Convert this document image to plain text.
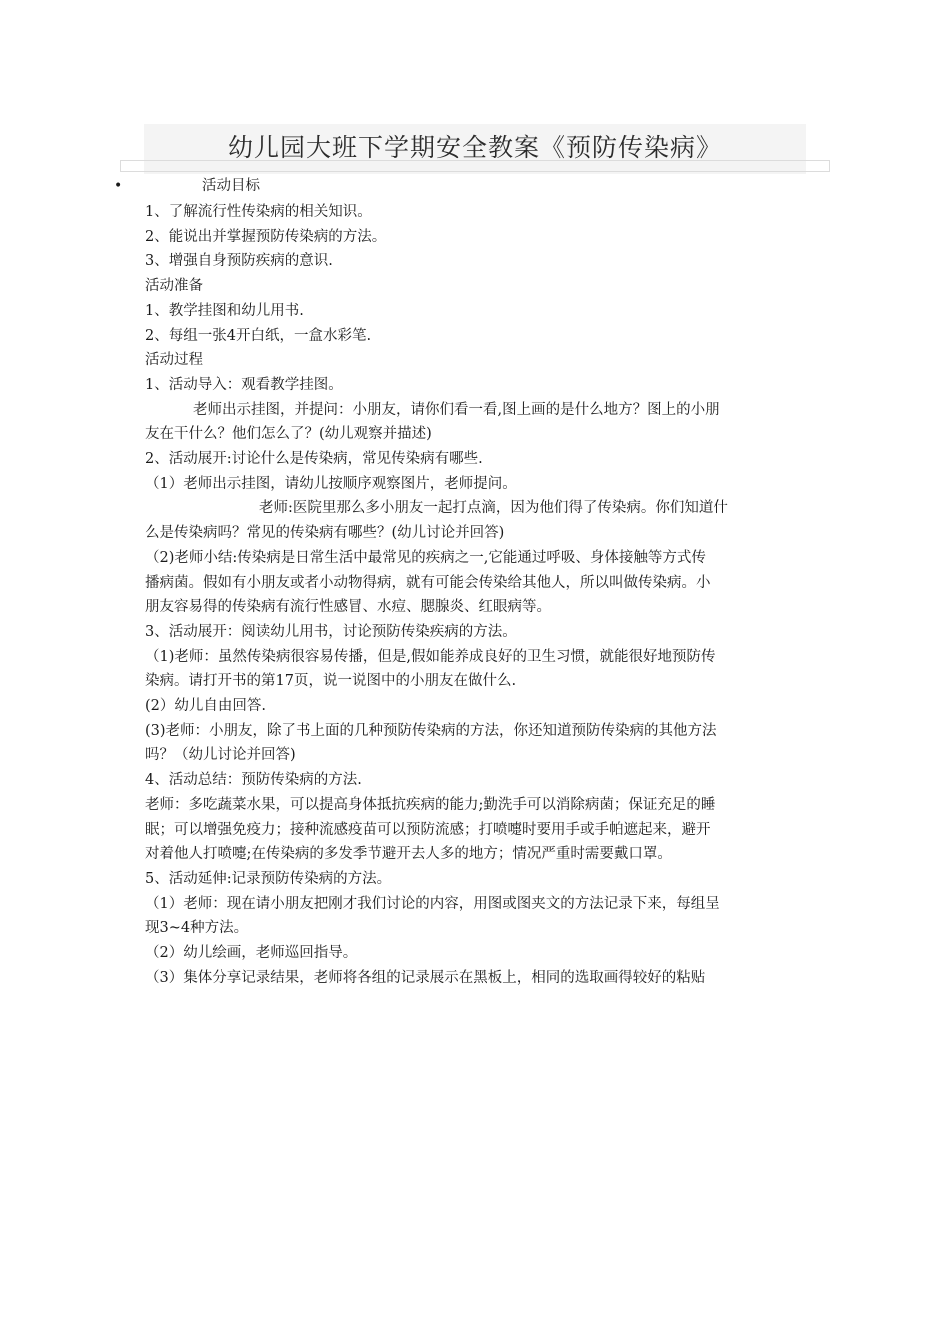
幼儿园大班下学期安全教案《预防传染病》
•	活动目标
1、了解流行性传染病的相关知识。
2、能说出并掌握预防传染病的方法。
3、增强自身预防疾病的意识.
活动准备
1、教学挂图和幼儿用书.
2、每组一张4开白纸，一盒水彩笔.
活动过程
1、活动导入：观看教学挂图。
老师出示挂图，并提问：小朋友，请你们看一看,图上画的是什么地方？图上的小朋
友在干什么？他们怎么了？(幼儿观察并描述)
2、活动展开:讨论什么是传染病，常见传染病有哪些.
（1）老师出示挂图，请幼儿按顺序观察图片，老师提问。
老师:医院里那么多小朋友一起打点滴，因为他们得了传染病。你们知道什
么是传染病吗？常见的传染病有哪些？(幼儿讨论并回答)
（2)老师小结:传染病是日常生活中最常见的疾病之一,它能通过呼吸、身体接触等方式传
播病菌。假如有小朋友或者小动物得病，就有可能会传染给其他人，所以叫做传染病。小
朋友容易得的传染病有流行性感冒、水痘、腮腺炎、红眼病等。
3、活动展开：阅读幼儿用书，讨论预防传染疾病的方法。
（1)老师：虽然传染病很容易传播，但是,假如能养成良好的卫生习惯，就能很好地预防传
染病。请打开书的第17页，说一说图中的小朋友在做什么.
(2）幼儿自由回答.
(3)老师：小朋友，除了书上面的几种预防传染病的方法，你还知道预防传染病的其他方法
吗？（幼儿讨论并回答)
4、活动总结：预防传染病的方法.
老师：多吃蔬菜水果，可以提高身体抵抗疾病的能力;勤洗手可以消除病菌；保证充足的睡
眠；可以增强免疫力；接种流感疫苗可以预防流感；打喷嚏时要用手或手帕遮起来，避开
对着他人打喷嚏;在传染病的多发季节避开去人多的地方；情况严重时需要戴口罩。
5、活动延伸:记录预防传染病的方法。
（1）老师：现在请小朋友把刚才我们讨论的内容，用图或图夹文的方法记录下来，每组呈
现3~4种方法。
（2）幼儿绘画，老师巡回指导。
（3）集体分享记录结果，老师将各组的记录展示在黑板上，相同的选取画得较好的粘贴
